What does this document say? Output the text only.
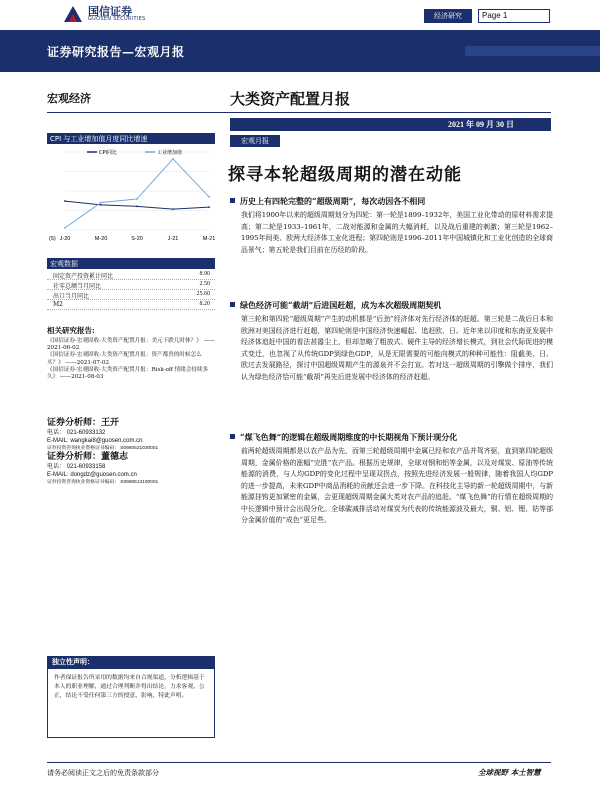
国信证券
GUOSEN SECURITIES	经济研究	Page 1
证券研究报告—宏观月报
宏观经济	大类资产配置月报
2021 年 09 月 30 日
CPI 与工业增加值月度同比增速
CPI同比	工业增加值
J-20	M-20	S-20	J-21	M-21
(5)
宏观月报
探寻本轮超级周期的潜在动能
宏观数据
固定资产投资累计同比	8.90
社零总额当月同比	2.50
出口当月同比	25.60
M2	8.20
相关研究报告:
《国信证券-宏观固收-大类资产配置月报：美元下跌几时休？》 ——2021-06-02
《国信证券-宏观固收-大类资产配置月报：资产都贵的时候怎么买？》 ——2021-07-02
《国信证券-宏观固收-大类资产配置月报：Risk-off 情绪会持续多久》 ——2021-08-03
证券分析师：王开
电话： 021-60933132
E-MAIL: wangkai8@guosen.com.cn
证券投资咨询执业资格证书编码： S0980521030001
证券分析师：董德志
电话： 021-60933158
E-MAIL: dongdz@guosen.com.cn
证券投资咨询执业资格证书编码： S0980513100001
历史上有四轮完整的“超级周期”，每次动因各不相同
我们将1900年以来的超级周期划分为四轮：第一轮是1899–1932年，美国工业化带动的原材料需求提高；第二轮是1933–1961年，二战对能源和金属的大幅消耗，以及战后重建的刺激；第三轮是1962–1995年间美、欧两大经济体工业化进程；第四轮则是1996–2011年中国城镇化和工业化创造的全球商品景气；第五轮是我们目前在历经的阶段。
绿色经济可能“截胡”后进国赶超，成为本次超级周期契机
第三轮和第四轮“超级周期”产生的动机都是“后劲”经济体对先行经济体的赶超。第三轮是二战后日本和欧洲对美国经济进行赶超，第四轮则是中国经济快速崛起、追赶欧、日。近年来以印度和东南亚发展中经济体追赶中国的看法甚嚣尘上，但却忽略了粗放式、硬件主导的经济增长模式，到社会代际促进的模式变迁，也忽视了从传统GDP到绿色GDP，从是无限需要的可能向模式的种种可能性：阻截美、日、欧过去发展路径，探讨中国超级周期产生的源泉并不会打宣。若对这一超级周期的引擎做个排序，我们认为绿色经济恰可能“截胡”再先后进发展中经济体的经济赶超。
“煤飞色舞”的逻辑在超级周期维度的中长期视角下预计现分化
前两轮超级周期都是以农产品为先，而第三轮超级周期中金属已经和农产品并驾齐驱，直到第四轮超级周期，金属价格的涨幅“完胜”农产品。根据历史规律，全球对钢和铝等金属，以及对煤炭、原油等传统能源的消费，与人均GDP的变化过程中呈现双拐点，按照先进经济发展一般规律，随着我国人均GDP的进一步提高，未来GDP中商品消耗的贡献还会进一步下降。在科技化主导的新一轮超级周期中，与新能源挂钩更加紧密的金属，会更现超级周期金属大类对农产品的追赶。“煤飞色舞”的行情在超级周期的中长逻辑中预计会出现分化。全球碳减排活动对煤炭为代表的传统能源波及最大，铜、铝、锂、钴等部分金属价值的“成色”更足些。
独立性声明：
作者保证报告所采用的数据均来自合规渠道，分析逻辑基于本人的职业理解，通过合理判断并得出结论，力求客观、公正，结论不受任何第三方的授意、影响，特此声明。
请务必阅读正文之后的免责条款部分	全球视野 本土智慧
